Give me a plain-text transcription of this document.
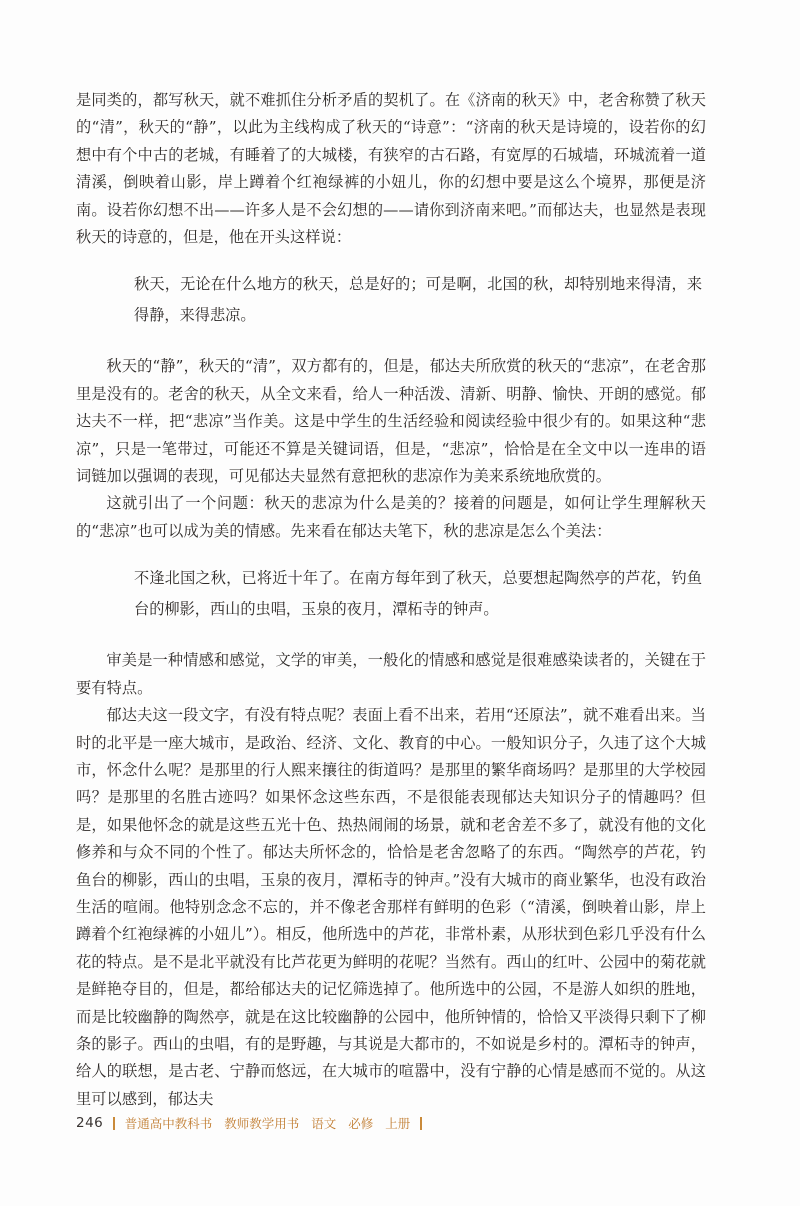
是同类的，都写秋天，就不难抓住分析矛盾的契机了。在《济南的秋天》中，老舍称赞了秋天的“清”，秋天的“静”，以此为主线构成了秋天的“诗意”：“济南的秋天是诗境的，设若你的幻想中有个中古的老城，有睡着了的大城楼，有狭窄的古石路，有宽厚的石城墙，环城流着一道清溪，倒映着山影，岸上蹲着个红袍绿裤的小妞儿，你的幻想中要是这么个境界，那便是济南。设若你幻想不出——许多人是不会幻想的——请你到济南来吧。”而郁达夫，也显然是表现秋天的诗意的，但是，他在开头这样说：

秋天，无论在什么地方的秋天，总是好的；可是啊，北国的秋，却特别地来得清，来得静，来得悲凉。

秋天的“静”，秋天的“清”，双方都有的，但是，郁达夫所欣赏的秋天的“悲凉”，在老舍那里是没有的。老舍的秋天，从全文来看，给人一种活泼、清新、明静、愉快、开朗的感觉。郁达夫不一样，把“悲凉”当作美。这是中学生的生活经验和阅读经验中很少有的。如果这种“悲凉”，只是一笔带过，可能还不算是关键词语，但是，“悲凉”，恰恰是在全文中以一连串的语词链加以强调的表现，可见郁达夫显然有意把秋的悲凉作为美来系统地欣赏的。

这就引出了一个问题：秋天的悲凉为什么是美的？接着的问题是，如何让学生理解秋天的“悲凉”也可以成为美的情感。先来看在郁达夫笔下，秋的悲凉是怎么个美法：

不逢北国之秋，已将近十年了。在南方每年到了秋天，总要想起陶然亭的芦花，钓鱼台的柳影，西山的虫唱，玉泉的夜月，潭柘寺的钟声。

审美是一种情感和感觉，文学的审美，一般化的情感和感觉是很难感染读者的，关键在于要有特点。

郁达夫这一段文字，有没有特点呢？表面上看不出来，若用“还原法”，就不难看出来。当时的北平是一座大城市，是政治、经济、文化、教育的中心。一般知识分子，久违了这个大城市，怀念什么呢？是那里的行人熙来攘往的街道吗？是那里的繁华商场吗？是那里的大学校园吗？是那里的名胜古迹吗？如果怀念这些东西，不是很能表现郁达夫知识分子的情趣吗？但是，如果他怀念的就是这些五光十色、热热闹闹的场景，就和老舍差不多了，就没有他的文化修养和与众不同的个性了。郁达夫所怀念的，恰恰是老舍忽略了的东西。“陶然亭的芦花，钓鱼台的柳影，西山的虫唱，玉泉的夜月，潭柘寺的钟声。”没有大城市的商业繁华，也没有政治生活的喧闹。他特别念念不忘的，并不像老舍那样有鲜明的色彩（“清溪，倒映着山影，岸上蹲着个红袍绿裤的小妞儿”）。相反，他所选中的芦花，非常朴素，从形状到色彩几乎没有什么花的特点。是不是北平就没有比芦花更为鲜明的花呢？当然有。西山的红叶、公园中的菊花就是鲜艳夺目的，但是，都给郁达夫的记忆筛选掉了。他所选中的公园，不是游人如织的胜地，而是比较幽静的陶然亭，就是在这比较幽静的公园中，他所钟情的，恰恰又平淡得只剩下了柳条的影子。西山的虫唱，有的是野趣，与其说是大都市的，不如说是乡村的。潭柘寺的钟声，给人的联想，是古老、宁静而悠远，在大城市的喧嚣中，没有宁静的心情是感而不觉的。从这里可以感到，郁达夫

246 普通高中教科书 教师教学用书 语文 必修 上册
